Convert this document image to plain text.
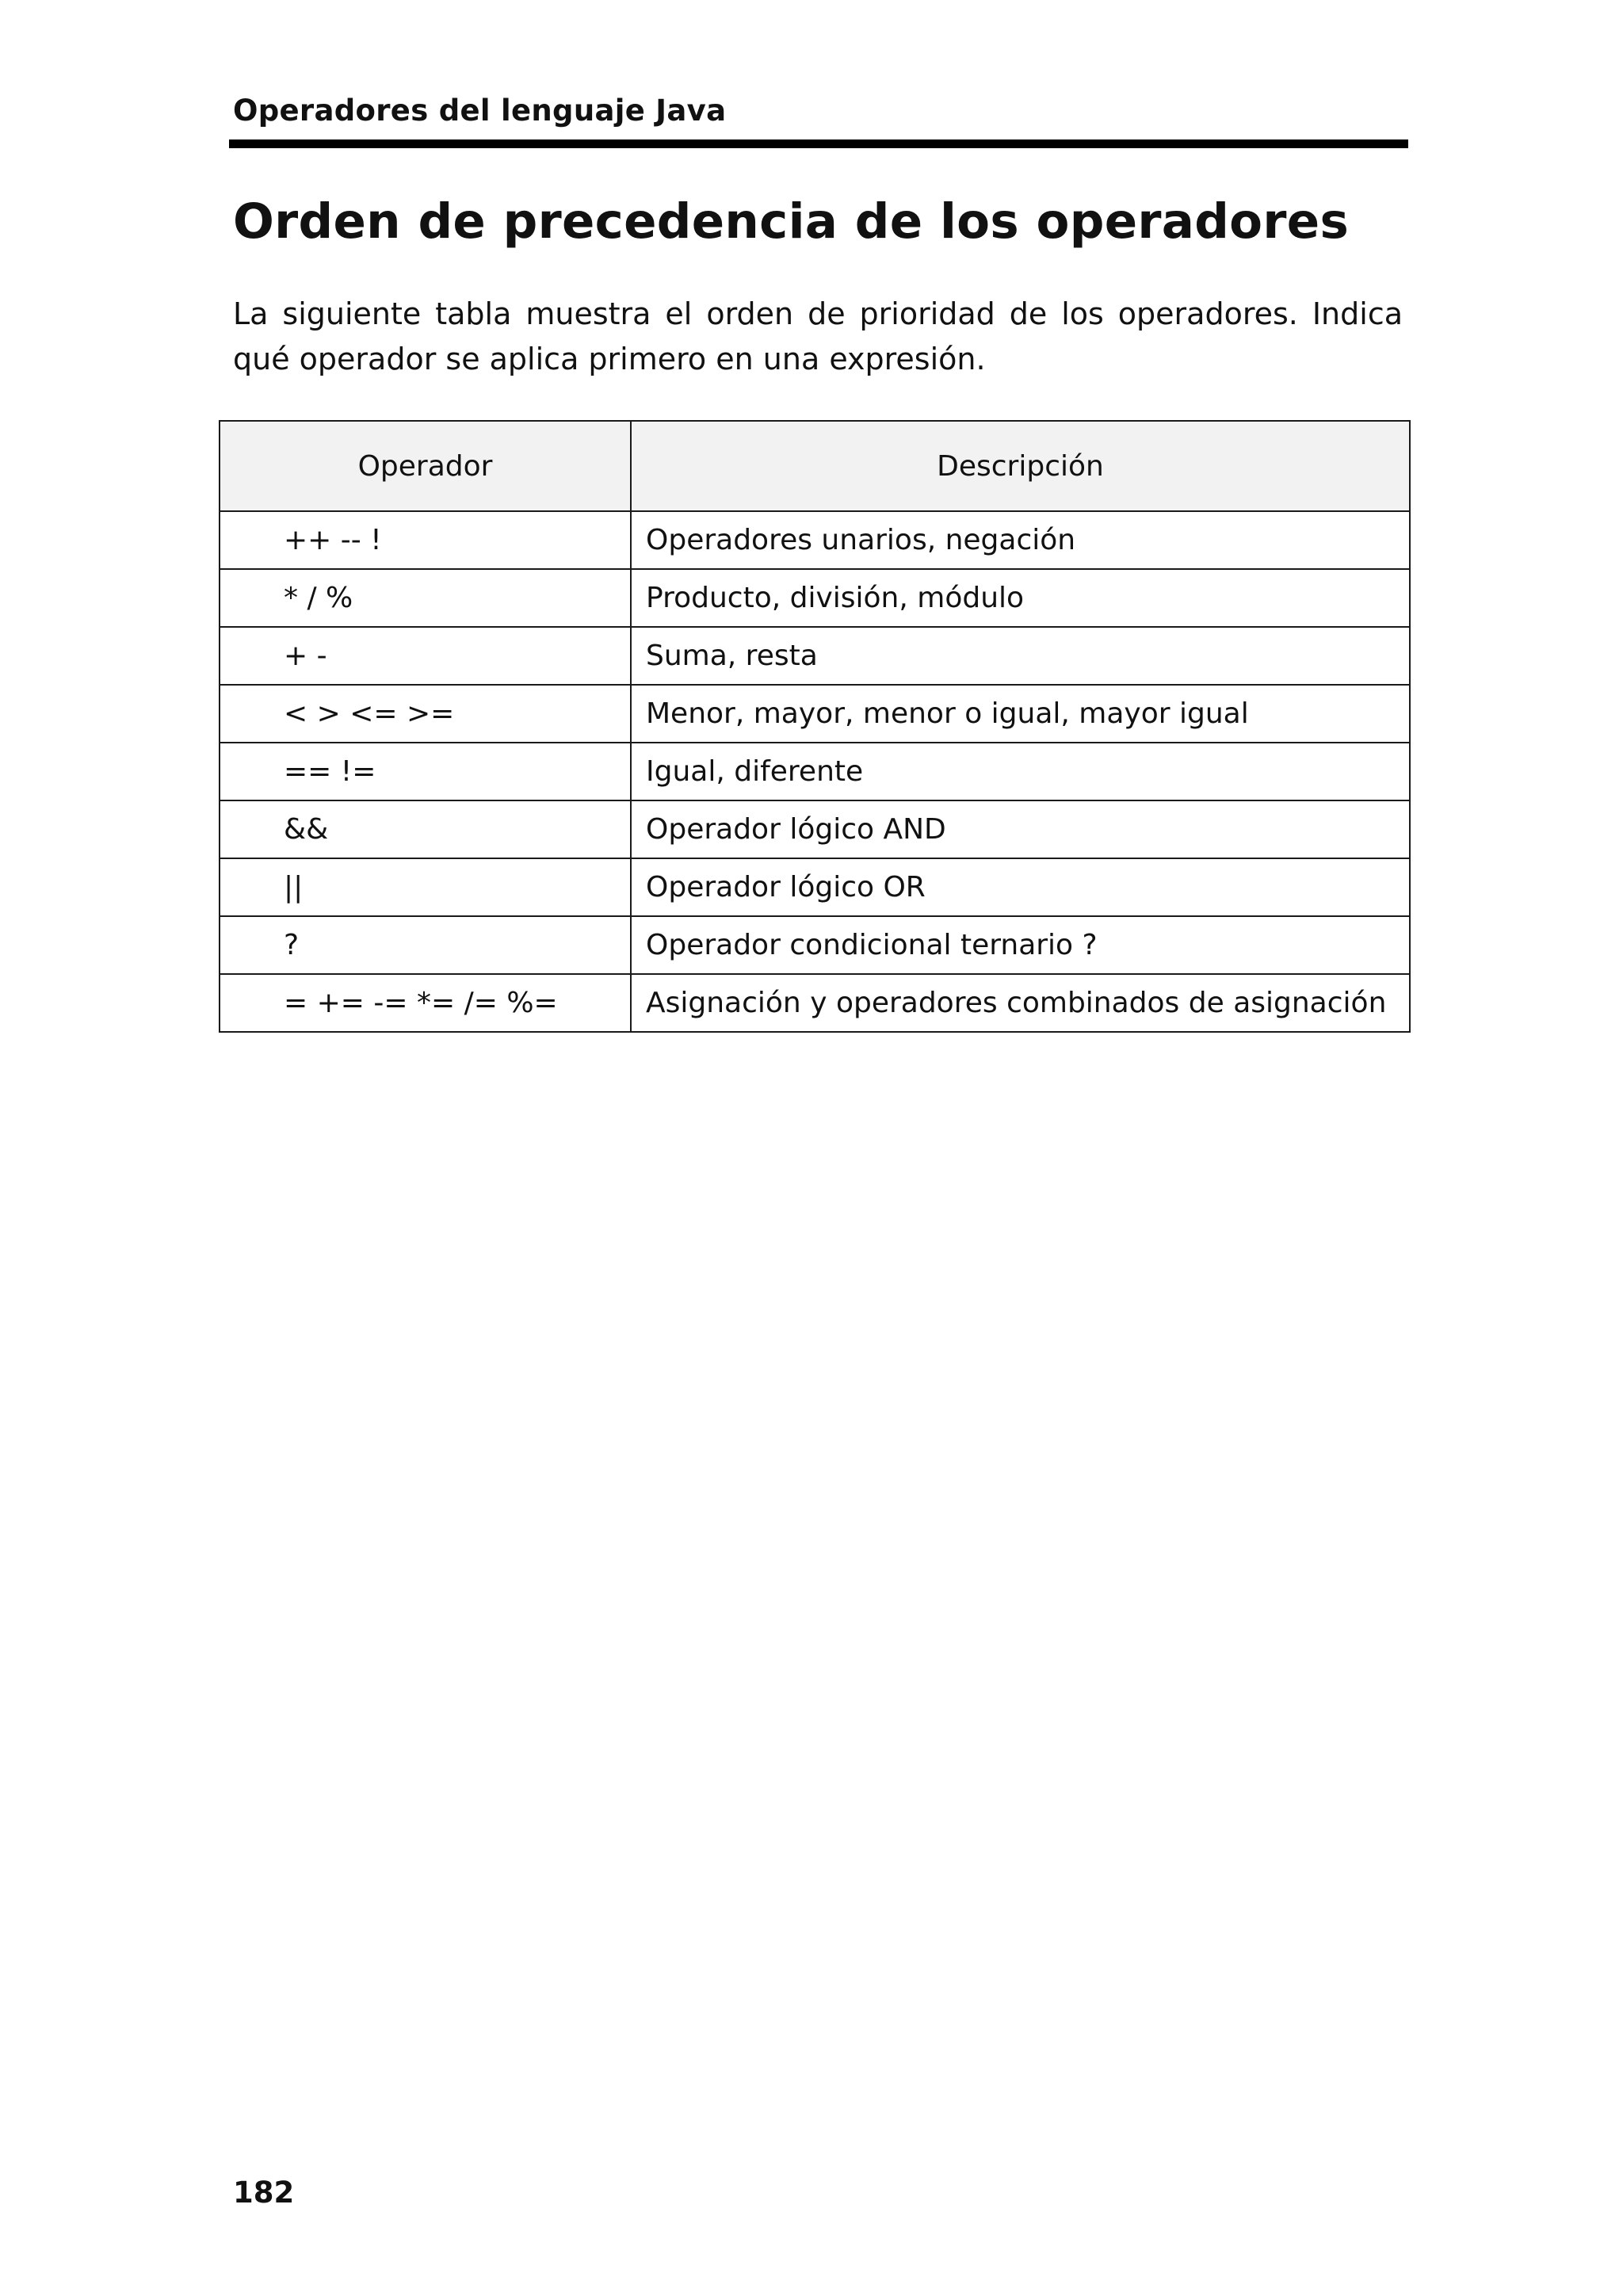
Operadores del lenguaje Java
Orden de precedencia de los operadores

La siguiente tabla muestra el orden de prioridad de los operadores. Indica qué operador se aplica primero en una expresión.

Operador	Descripción
++ -- !	Operadores unarios, negación
* / %	Producto, división, módulo
+ -	Suma, resta
< > <= >=	Menor, mayor, menor o igual, mayor igual
== !=	Igual, diferente
&&	Operador lógico AND
||	Operador lógico OR
?	Operador condicional ternario ?
= += -= *= /= %=	Asignación y operadores combinados de asignación
182
